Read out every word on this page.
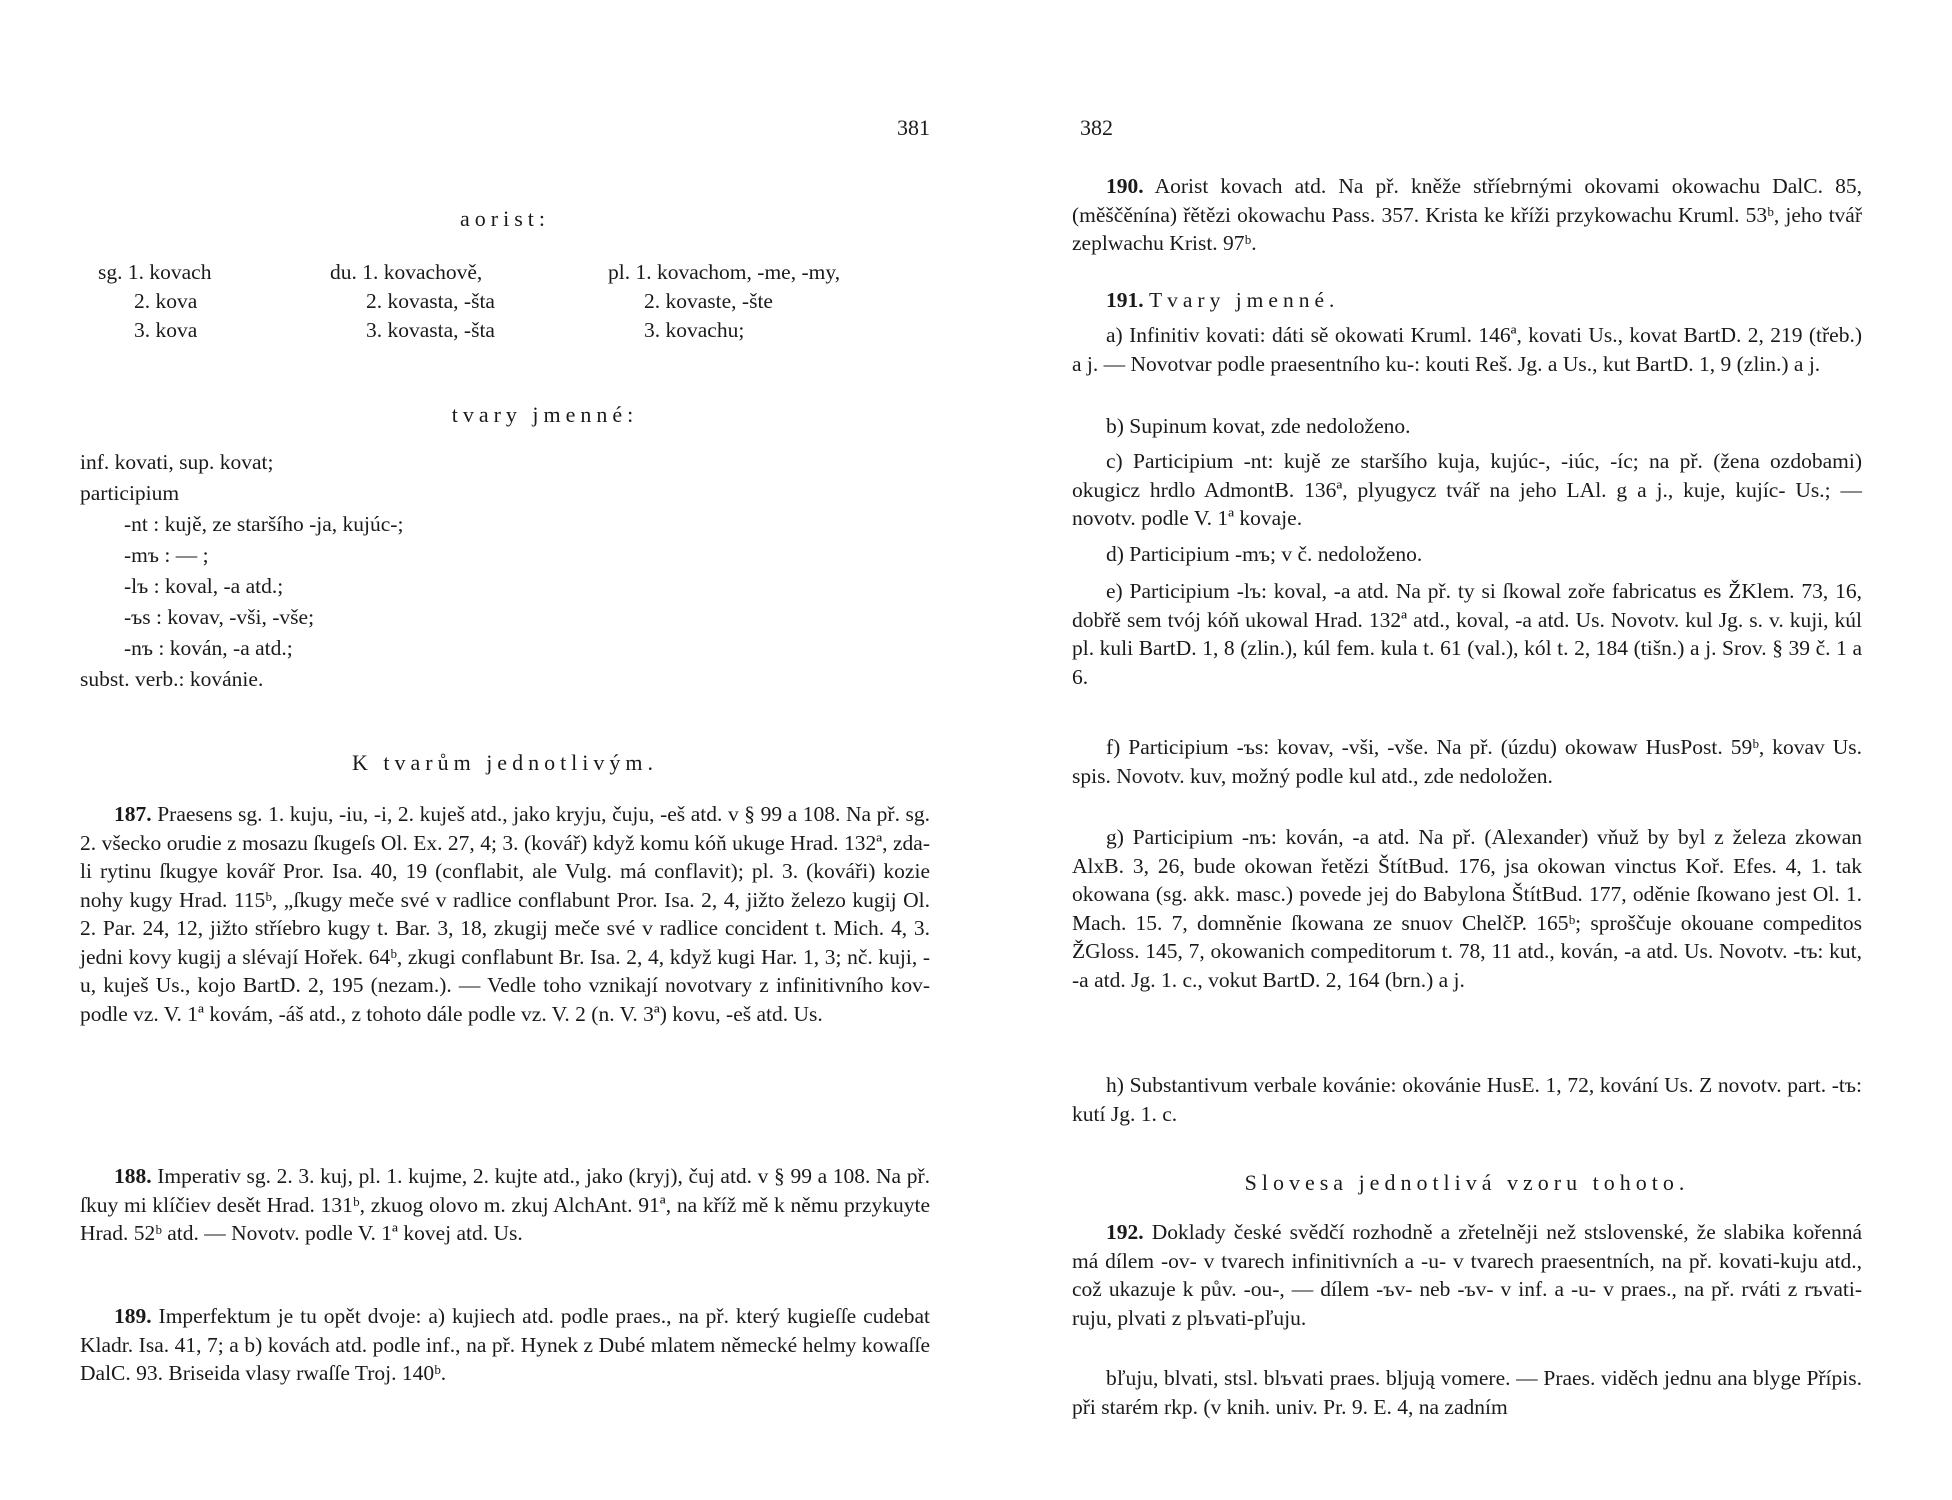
381
aorist:
sg. 1. kovach
2. kova
3. kova
du. 1. kovachově,
2. kovasta, -šta
3. kovasta, -šta
pl. 1. kovachom, -me, -my,
2. kovaste, -šte
3. kovachu;
tvary jmenné:
inf. kovati, sup. kovat;
participium
-nt : kujě, ze staršího -ja, kujúc-;
-mъ : — ;
-lъ : koval, -a atd.;
-ъs : kovav, -vši, -vše;
-nъ : kován, -a atd.;
subst. verb.: kovánie.
K tvarům jednotlivým.

187. Praesens sg. 1. kuju, -iu, -i, 2. kuješ atd., jako kryju, čuju, -eš atd. v § 99 a 108. Na př. sg. 2. všecko orudie z mosazu ſkugeſs Ol. Ex. 27, 4; 3. (kovář) když komu kóň ukuge Hrad. 132ª, zda-li rytinu ſkugye kovář Pror. Isa. 40, 19 (conflabit, ale Vulg. má conflavit); pl. 3. (kováři) kozie nohy kugy Hrad. 115ᵇ, „ſkugy meče své v radlice conflabunt Pror. Isa. 2, 4, jižto železo kugij Ol. 2. Par. 24, 12, jižto stříebro kugy t. Bar. 3, 18, zkugij meče své v radlice concident t. Mich. 4, 3. jedni kovy kugij a slévají Hořek. 64ᵇ, zkugi conflabunt Br. Isa. 2, 4, když kugi Har. 1, 3; nč. kuji, -u, kuješ Us., kojo BartD. 2, 195 (nezam.). — Vedle toho vznikají novotvary z infinitivního kov- podle vz. V. 1ª kovám, -áš atd., z tohoto dále podle vz. V. 2 (n. V. 3ª) kovu, -eš atd. Us.

188. Imperativ sg. 2. 3. kuj, pl. 1. kujme, 2. kujte atd., jako (kryj), čuj atd. v § 99 a 108. Na př. ſkuy mi klíčiev desět Hrad. 131ᵇ, zkuog olovo m. zkuj AlchAnt. 91ª, na kříž mě k němu przykuyte Hrad. 52ᵇ atd. — Novotv. podle V. 1ª kovej atd. Us.

189. Imperfektum je tu opět dvoje: a) kujiech atd. podle praes., na př. který kugieſſe cudebat Kladr. Isa. 41, 7; a b) kovách atd. podle inf., na př. Hynek z Dubé mlatem německé helmy kowaſſe DalC. 93. Briseida vlasy rwaſſe Troj. 140ᵇ.

382

190. Aorist kovach atd. Na př. kněže stříebrnými okovami okowachu DalC. 85, (měščěnína) řětězi okowachu Pass. 357. Krista ke kříži przykowachu Kruml. 53ᵇ, jeho tvář zeplwachu Krist. 97ᵇ.

191. Tvary jmenné.

a) Infinitiv kovati: dáti sě okowati Kruml. 146ª, kovati Us., kovat BartD. 2, 219 (třeb.) a j. — Novotvar podle praesentního ku-: kouti Reš. Jg. a Us., kut BartD. 1, 9 (zlin.) a j.

b) Supinum kovat, zde nedoloženo.

c) Participium -nt: kujě ze staršího kuja, kujúc-, -iúc, -íc; na př. (žena ozdobami) okugicz hrdlo AdmontB. 136ª, plyugycz tvář na jeho LAl. g a j., kuje, kujíc- Us.; — novotv. podle V. 1ª kovaje.

d) Participium -mъ; v č. nedoloženo.

e) Participium -lъ: koval, -a atd. Na př. ty si ſkowal zoře fabricatus es ŽKlem. 73, 16, dobřě sem tvój kóň ukowal Hrad. 132ª atd., koval, -a atd. Us. Novotv. kul Jg. s. v. kuji, kúl pl. kuli BartD. 1, 8 (zlin.), kúl fem. kula t. 61 (val.), kól t. 2, 184 (tišn.) a j. Srov. § 39 č. 1 a 6.

f) Participium -ъs: kovav, -vši, -vše. Na př. (úzdu) okowaw HusPost. 59ᵇ, kovav Us. spis. Novotv. kuv, možný podle kul atd., zde nedoložen.

g) Participium -nъ: kován, -a atd. Na př. (Alexander) vňuž by byl z železa zkowan AlxB. 3, 26, bude okowan řetězi ŠtítBud. 176, jsa okowan vinctus Koř. Efes. 4, 1. tak okowana (sg. akk. masc.) povede jej do Babylona ŠtítBud. 177, oděnie ſkowano jest Ol. 1. Mach. 15. 7, domněnie ſkowana ze snuov ChelčP. 165ᵇ; sproščuje okouane compeditos ŽGloss. 145, 7, okowanich compeditorum t. 78, 11 atd., kován, -a atd. Us. Novotv. -tъ: kut, -a atd. Jg. 1. c., vokut BartD. 2, 164 (brn.) a j.

h) Substantivum verbale kovánie: okovánie HusE. 1, 72, kování Us. Z novotv. part. -tъ: kutí Jg. 1. c.

Slovesa jednotlivá vzoru tohoto.

192. Doklady české svědčí rozhodně a zřetelněji než stslovenské, že slabika kořenná má dílem -ov- v tvarech infinitivních a -u- v tvarech praesentních, na př. kovati-kuju atd., což ukazuje k pův. -ou-, — dílem -ъv- neb -ъv- v inf. a -u- v praes., na př. rváti z rъvati-ruju, plvati z plъvati-pľuju.

bľuju, blvati, stsl. blъvati praes. bljują vomere. — Praes. viděch jednu ana blyge Přípis. při starém rkp. (v knih. univ. Pr. 9. E. 4, na zadním
